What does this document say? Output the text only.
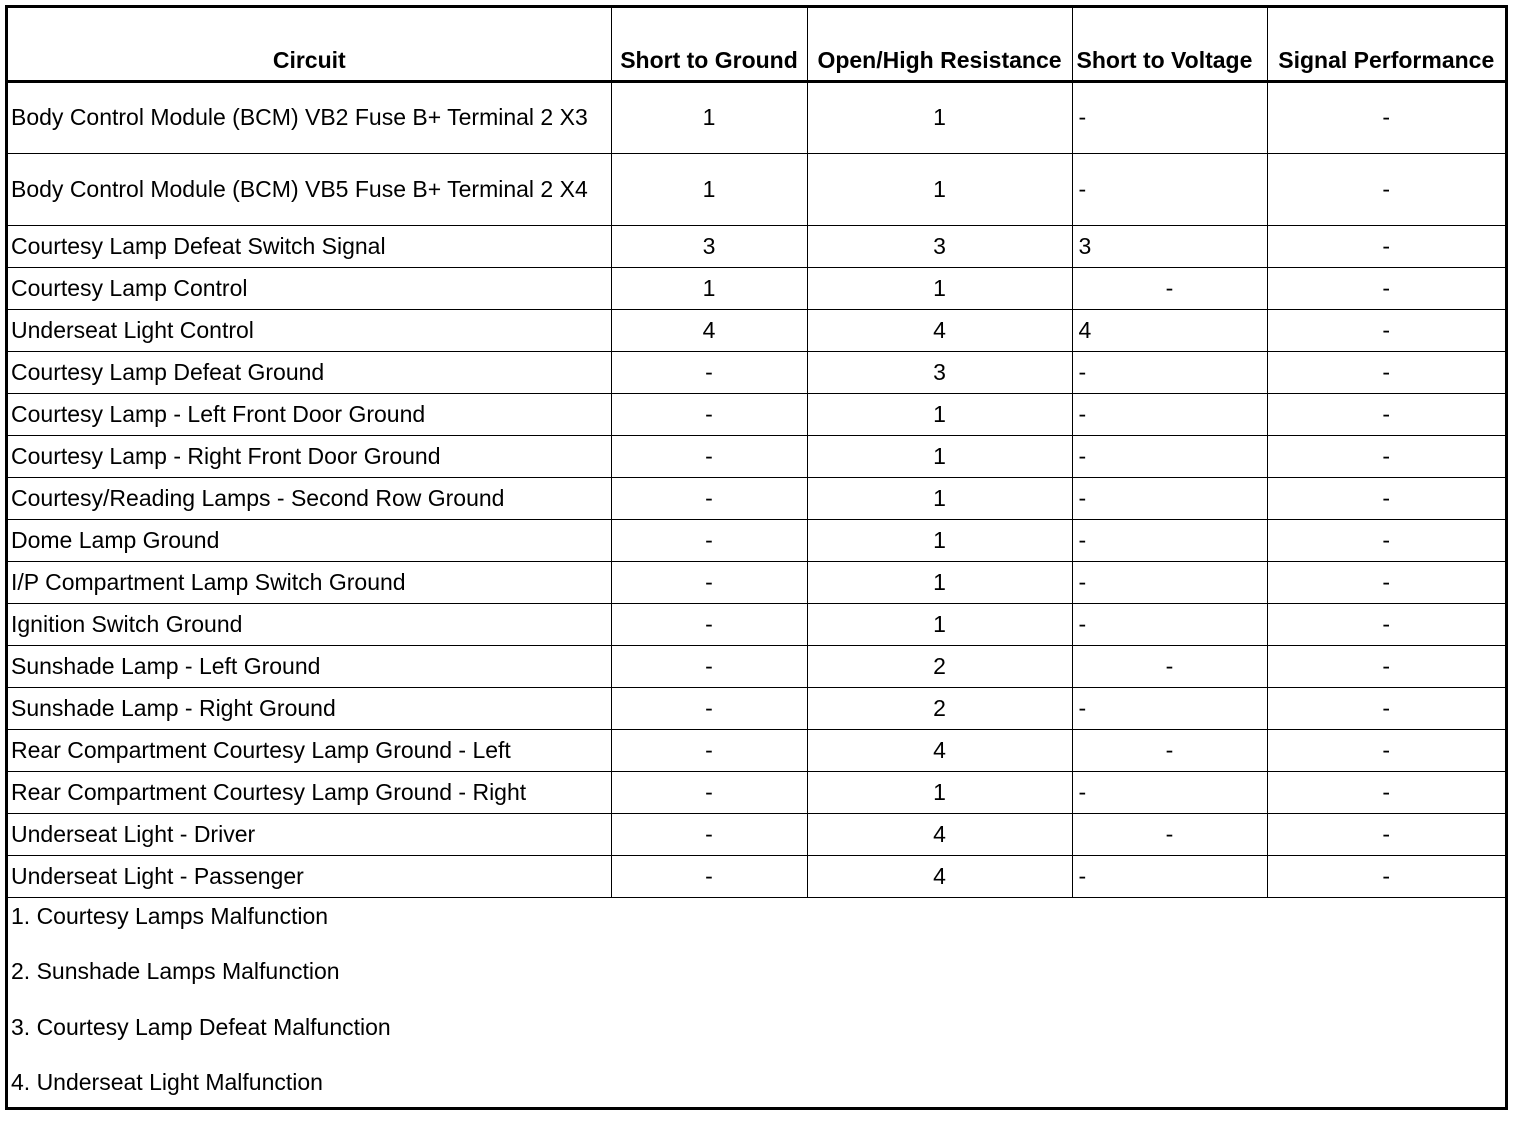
Circuit	Short to Ground	Open/High Resistance	Short to Voltage	Signal Performance
Body Control Module (BCM) VB2 Fuse B+ Terminal 2 X3	1	1	-	-
Body Control Module (BCM) VB5 Fuse B+ Terminal 2 X4	1	1	-	-
Courtesy Lamp Defeat Switch Signal	3	3	3	-
Courtesy Lamp Control	1	1	-	-
Underseat Light Control	4	4	4	-
Courtesy Lamp Defeat Ground	-	3	-	-
Courtesy Lamp - Left Front Door Ground	-	1	-	-
Courtesy Lamp - Right Front Door Ground	-	1	-	-
Courtesy/Reading Lamps - Second Row Ground	-	1	-	-
Dome Lamp Ground	-	1	-	-
I/P Compartment Lamp Switch Ground	-	1	-	-
Ignition Switch Ground	-	1	-	-
Sunshade Lamp - Left Ground	-	2	-	-
Sunshade Lamp - Right Ground	-	2	-	-
Rear Compartment Courtesy Lamp Ground - Left	-	4	-	-
Rear Compartment Courtesy Lamp Ground - Right	-	1	-	-
Underseat Light - Driver	-	4	-	-
Underseat Light - Passenger	-	4	-	-
1. Courtesy Lamps Malfunction
2. Sunshade Lamps Malfunction
3. Courtesy Lamp Defeat Malfunction
4. Underseat Light Malfunction
